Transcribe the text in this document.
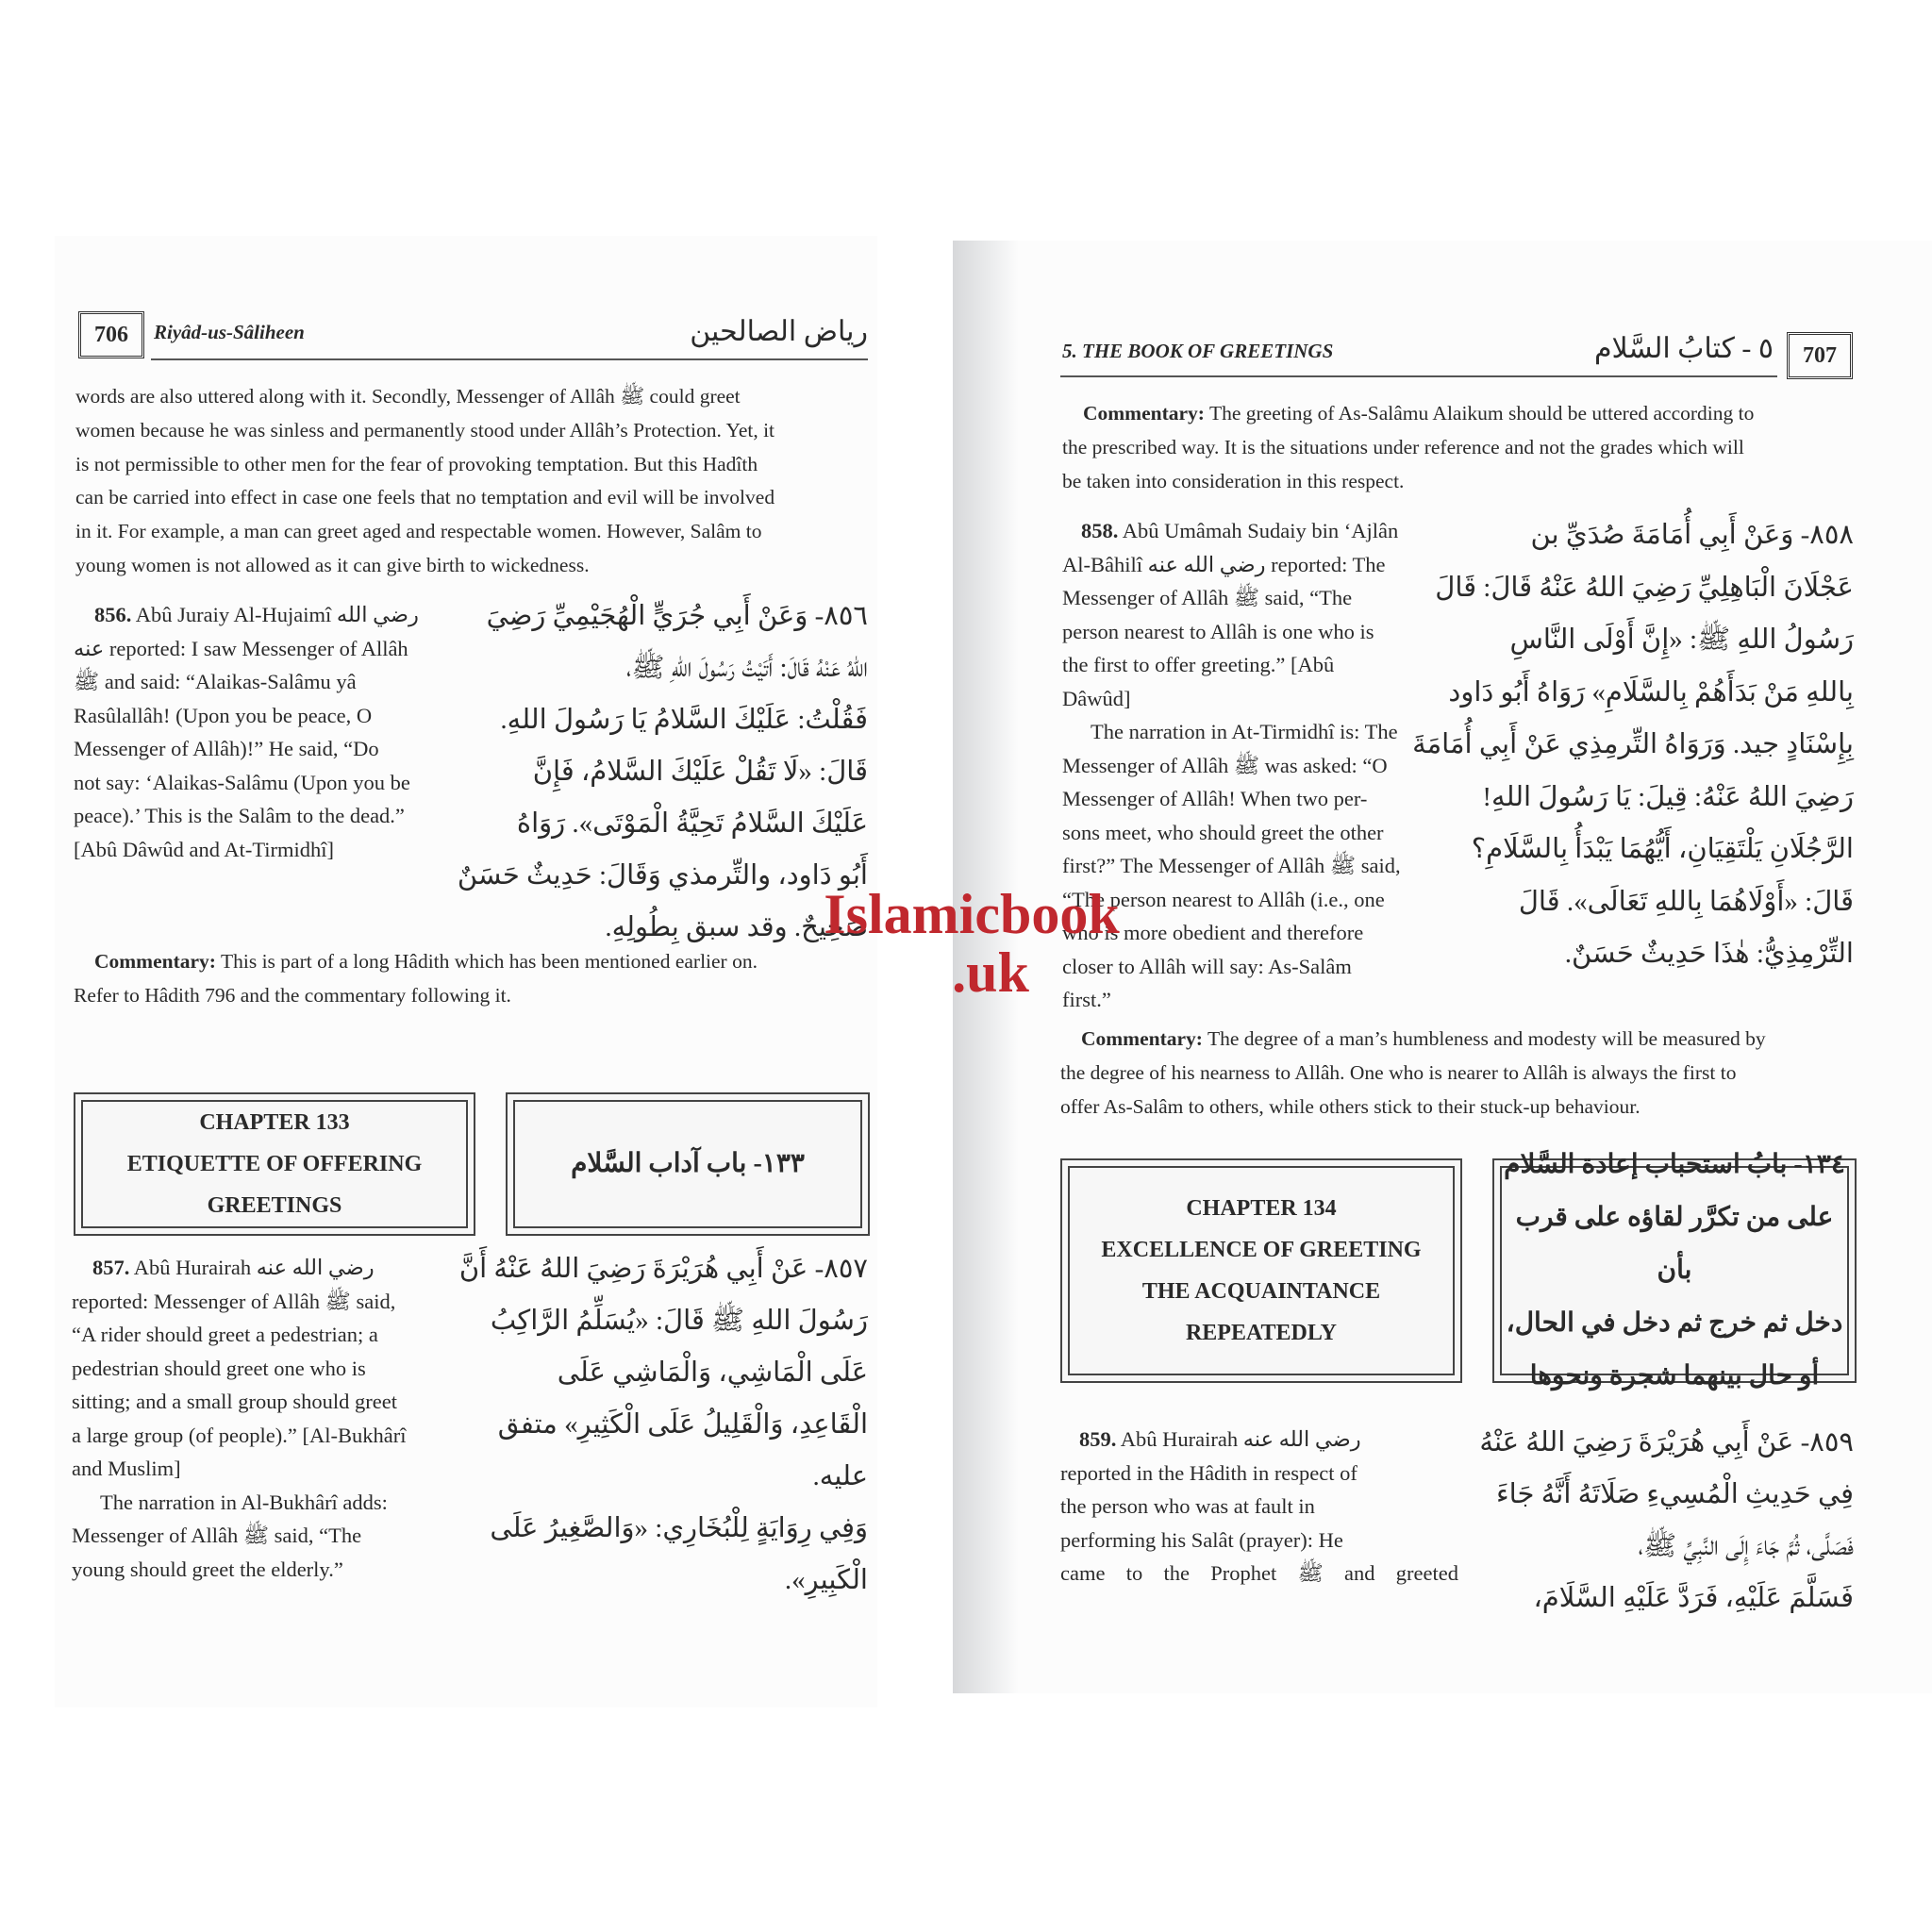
706	Riyâd-us-Sâliheen	رياض الصالحين
words are also uttered along with it. Secondly, Messenger of Allâh ﷺ could greet
women because he was sinless and permanently stood under Allâh’s Protection. Yet, it
is not permissible to other men for the fear of provoking temptation. But this Hadîth
can be carried into effect in case one feels that no temptation and evil will be involved
in it. For example, a man can greet aged and respectable women. However, Salâm to
young women is not allowed as it can give birth to wickedness.
856. Abû Juraiy Al-Hujaimî رضي الله
عنه reported: I saw Messenger of Allâh
ﷺ and said: “Alaikas-Salâmu yâ
Rasûlallâh! (Upon you be peace, O
Messenger of Allâh)!” He said, “Do
not say: ‘Alaikas-Salâmu (Upon you be
peace).’ This is the Salâm to the dead.”
[Abû Dâwûd and At-Tirmidhî]
٨٥٦- وَعَنْ أَبِي جُرَيٍّ الْهُجَيْمِيِّ رَضِيَ
اللهُ عَنْهُ قَالَ: أَتَيْتُ رَسُولَ اللهِ ﷺ،
فَقُلْتُ: عَلَيْكَ السَّلامُ يَا رَسُولَ اللهِ.
قَالَ: «لَا تَقُلْ عَلَيْكَ السَّلامُ، فَإِنَّ
عَلَيْكَ السَّلامُ تَحِيَّةُ الْمَوْتَى». رَوَاهُ
أَبُو دَاود، والتِّرمذي وَقَالَ: حَدِيثٌ حَسَنٌ
صَحِيحٌ. وقد سبق بِطُولِهِ.
Commentary: This is part of a long Hâdith which has been mentioned earlier on.
Refer to Hâdith 796 and the commentary following it.
CHAPTER 133
ETIQUETTE OF OFFERING
GREETINGS
١٣٣- باب آداب السَّلام
857. Abû Hurairah رضي الله عنه
reported: Messenger of Allâh ﷺ said,
“A rider should greet a pedestrian; a
pedestrian should greet one who is
sitting; and a small group should greet
a large group (of people).” [Al-Bukhârî
and Muslim]
The narration in Al-Bukhârî adds:
Messenger of Allâh ﷺ said, “The
young should greet the elderly.”
٨٥٧- عَنْ أَبِي هُرَيْرَةَ رَضِيَ اللهُ عَنْهُ أَنَّ
رَسُولَ اللهِ ﷺ قَالَ: «يُسَلِّمُ الرَّاكِبُ
عَلَى الْمَاشِي، وَالْمَاشِي عَلَى
الْقَاعِدِ، وَالْقَلِيلُ عَلَى الْكَثِيرِ» متفق
عليه.
وَفِي رِوَايَةٍ لِلْبُخَارِي: «وَالصَّغِيرُ عَلَى
الْكَبِيرِ».
5. THE BOOK OF GREETINGS	٥ - كتابُ السَّلام	707
Commentary: The greeting of As-Salâmu Alaikum should be uttered according to
the prescribed way. It is the situations under reference and not the grades which will
be taken into consideration in this respect.
858. Abû Umâmah Sudaiy bin ‘Ajlân
Al-Bâhilî رضي الله عنه reported: The
Messenger of Allâh ﷺ said, “The
person nearest to Allâh is one who is
the first to offer greeting.” [Abû
Dâwûd]
The narration in At-Tirmidhî is: The
Messenger of Allâh ﷺ was asked: “O
Messenger of Allâh! When two per-
sons meet, who should greet the other
first?” The Messenger of Allâh ﷺ said,
“The person nearest to Allâh (i.e., one
who is more obedient and therefore
closer to Allâh will say: As-Salâm
first.”
٨٥٨- وَعَنْ أَبِي أُمَامَةَ صُدَيِّ بن
عَجْلَانَ الْبَاهِلِيِّ رَضِيَ اللهُ عَنْهُ قَالَ: قَالَ
رَسُولُ اللهِ ﷺ: «إِنَّ أَوْلَى النَّاسِ
بِاللهِ مَنْ بَدَأَهُمْ بِالسَّلَامِ» رَوَاهُ أَبُو دَاود
بِإِسْنَادٍ جيد. وَرَوَاهُ التِّرمِذِي عَنْ أَبِي أُمَامَةَ
رَضِيَ اللهُ عَنْهُ: قِيلَ: يَا رَسُولَ اللهِ!
الرَّجُلَانِ يَلْتَقِيَانِ، أَيُّهُمَا يَبْدَأُ بِالسَّلَامِ؟
قَالَ: «أَوْلَاهُمَا بِاللهِ تَعَالَى». قَالَ
التِّرْمِذِيُّ: هٰذَا حَدِيثٌ حَسَنٌ.
Commentary: The degree of a man’s humbleness and modesty will be measured by
the degree of his nearness to Allâh. One who is nearer to Allâh is always the first to
offer As-Salâm to others, while others stick to their stuck-up behaviour.
CHAPTER 134
EXCELLENCE OF GREETING
THE ACQUAINTANCE
REPEATEDLY
١٣٤- بابُ استحباب إعادة السَّلام
على من تكرَّر لقاؤه على قرب بأن
دخل ثم خرج ثم دخل في الحال،
أو حال بينهما شجرة ونحوها
859. Abû Hurairah رضي الله عنه
reported in the Hâdith in respect of
the person who was at fault in
performing his Salât (prayer): He
came to the Prophet ﷺ and greeted
٨٥٩- عَنْ أَبِي هُرَيْرَةَ رَضِيَ اللهُ عَنْهُ
فِي حَدِيثِ الْمُسِيءِ صَلَاتَهُ أَنَّهُ جَاءَ
فَصَلَّى، ثُمَّ جَاءَ إِلَى النَّبِيِّ ﷺ،
فَسَلَّمَ عَلَيْهِ، فَرَدَّ عَلَيْهِ السَّلَامَ،
Islamicbook
.uk
